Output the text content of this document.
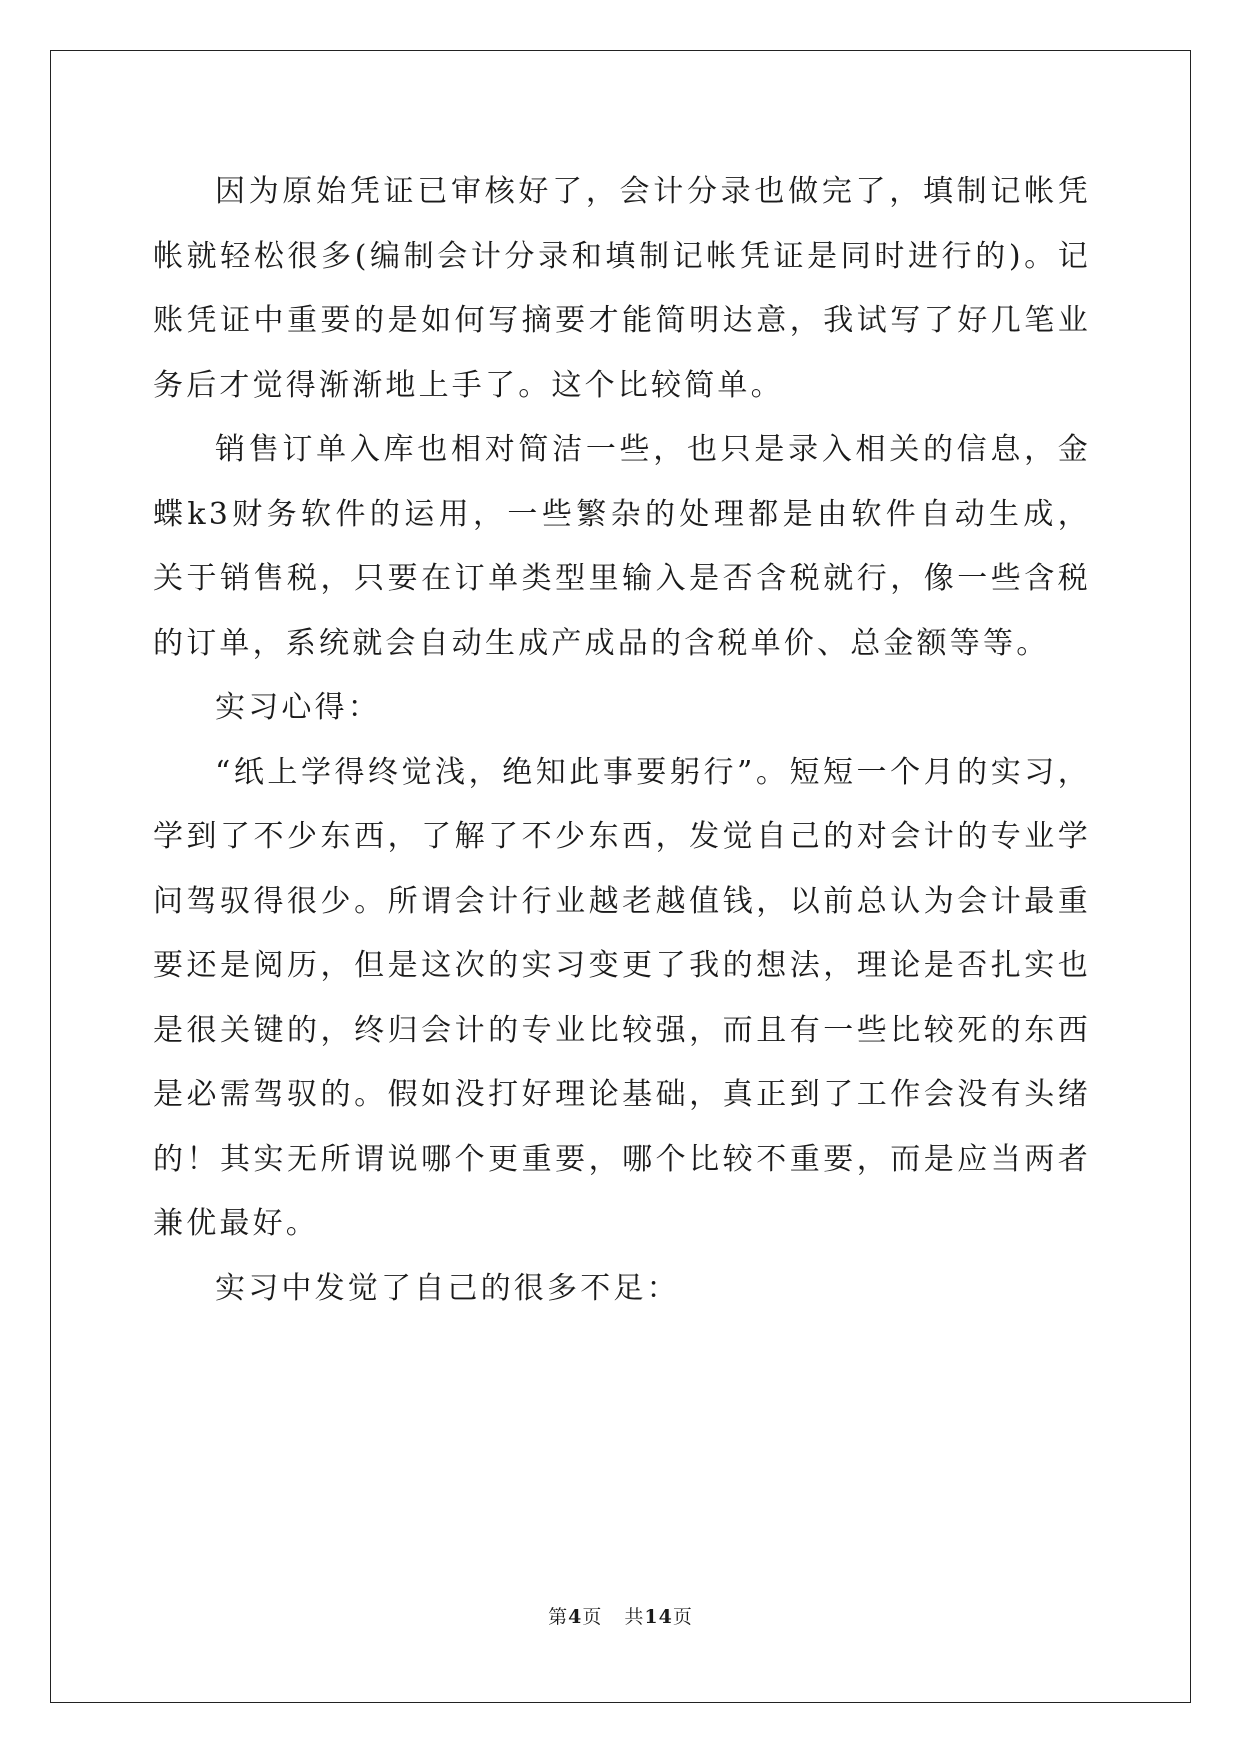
因为原始凭证已审核好了，会计分录也做完了，填制记帐凭帐就轻松很多(编制会计分录和填制记帐凭证是同时进行的)。记账凭证中重要的是如何写摘要才能简明达意，我试写了好几笔业务后才觉得渐渐地上手了。这个比较简单。

销售订单入库也相对简洁一些，也只是录入相关的信息，金蝶k3财务软件的运用，一些繁杂的处理都是由软件自动生成，关于销售税，只要在订单类型里输入是否含税就行，像一些含税的订单，系统就会自动生成产成品的含税单价、总金额等等。

实习心得：

“纸上学得终觉浅，绝知此事要躬行”。短短一个月的实习，学到了不少东西，了解了不少东西，发觉自己的对会计的专业学问驾驭得很少。所谓会计行业越老越值钱，以前总认为会计最重要还是阅历，但是这次的实习变更了我的想法，理论是否扎实也是很关键的，终归会计的专业比较强，而且有一些比较死的东西是必需驾驭的。假如没打好理论基础，真正到了工作会没有头绪的！其实无所谓说哪个更重要，哪个比较不重要，而是应当两者兼优最好。

实习中发觉了自己的很多不足：

第4页 共14页
